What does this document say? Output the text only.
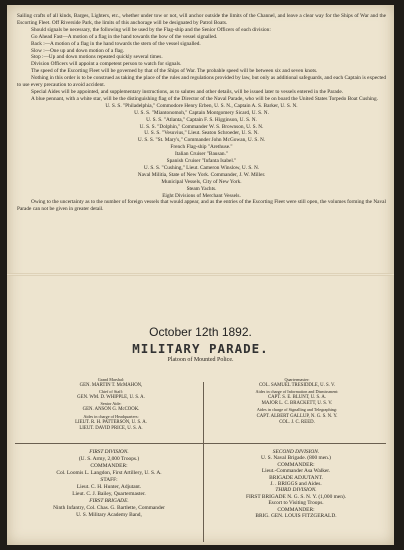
Sailing crafts of all kinds, Barges, Lighters, etc., whether under tow or not, will anchor outside the limits of the Channel, and leave a clear way for the Ships of War and the Escorting Fleet. Off Riverside Park, the limits of this anchorage will be designated by Patrol Boats.

Should signals be necessary, the following will be used by the Flag-ship and the Senior Officers of each division:

Go Ahead Fast—A motion of a flag in the hand towards the bow of the vessel signalled.

Back :—A motion of a flag in the hand towards the stern of the vessel signalled.

Slow :—One up and down motion of a flag.

Stop :—Up and down motions repeated quickly several times.

Division Officers will appoint a competent person to watch for signals.

The speed of the Escorting Fleet will be governed by that of the Ships of War. The probable speed will be between six and seven knots.

Nothing in this order is to be construed as taking the place of the rules and regulations provided by law, but only as additional safeguards, and each Captain is expected to use every precaution to avoid accident.

Special Aides will be appointed, and supplementary instructions, as to salutes and other details, will be issued later to vessels entered in the Parade.

A blue pennant, with a white star, will be the distinguishing flag of the Director of the Naval Parade, who will be on board the United States Torpedo Boat Cushing.

U. S. S. "Philadelphia," Commodore Henry Erben, U. S. N., Captain A. S. Barker, U. S. N.

U. S. S. "Miantonomoh," Captain Montgomery Sicard, U. S. N.

U. S. S. "Atlanta," Captain F. S. Higginson, U. S. N.

U. S. S. "Dolphin," Commander W. S. Brownson, U. S. N.

U. S. S. "Vesuvius," Lieut. Seaton Schroeder, U. S. N.

U. S. S. "St. Mary's," Commander John McGowan, U. S. N.

French Flag-ship "Arethuse."

Italian Cruiser "Bausan."

Spanish Cruiser "Infanta Isabel."

U. S. S. "Cushing," Lieut. Cameron Winslow, U. S. N.

Naval Militia, State of New York. Commander, J. W. Miller.

Municipal Vessels, City of New York.

Steam Yachts.

Eight Divisions of Merchant Vessels.

Owing to the uncertainty as to the number of foreign vessels that would appear, and as the entries of the Escorting Fleet were still open, the volumes forming the Naval Parade can not be given in greater detail.

October 12th 1892.
MILITARY PARADE.
Platoon of Mounted Police.
Grand Marshal:
GEN. MARTIN T. McMAHON,
Chief of Staff:
GEN. WM. D. WHIPPLE, U. S. A.
Senior Aide:
GEN. ANSON G. McCOOK.
Aides in charge of Headquarters:
LIEUT. R. H. PATTERSON, U. S. A.
LIEUT. DAVID PRICE, U. S. A.
Quartermaster:
COL. SAMUEL TRESIDDLE, U. S. V.
Aides in charge of Information and Dismissment:
CAPT. S. E. BLUNT, U. S. A.
MAJOR L. C. BRACKETT, U. S. V.
Aides in charge of Signalling and Telegraphing:
CAPT. ALBERT GALLUP, N. G. S. N. Y.
COL. J. C. REED.
FIRST DIVISION.
(U. S. Army, 2,000 Troops.)
COMMANDER:
Col. Loomis L. Langdon, First Artillery, U. S. A.
STAFF:
Lieut. C. H. Hunter, Adjutant.
Lieut. C. J. Bailey, Quartermaster.
FIRST BRIGADE.
Ninth Infantry, Col. Chas. G. Bartlette, Commander
U. S. Military Academy Band,
SECOND DIVISION.
U. S. Naval Brigade. (800 men.)
COMMANDER:
Lieut.-Commander Asa Walker.
BRIGADE ADJUTANT.
J. . BRIGGS and Aides.
THIRD DIVISION.
FIRST BRIGADE N. G. S. N. Y. (1,000 men).
Escort to Visiting Troops.
COMMANDER:
BRIG. GEN. LOUIS FITZGERALD.
